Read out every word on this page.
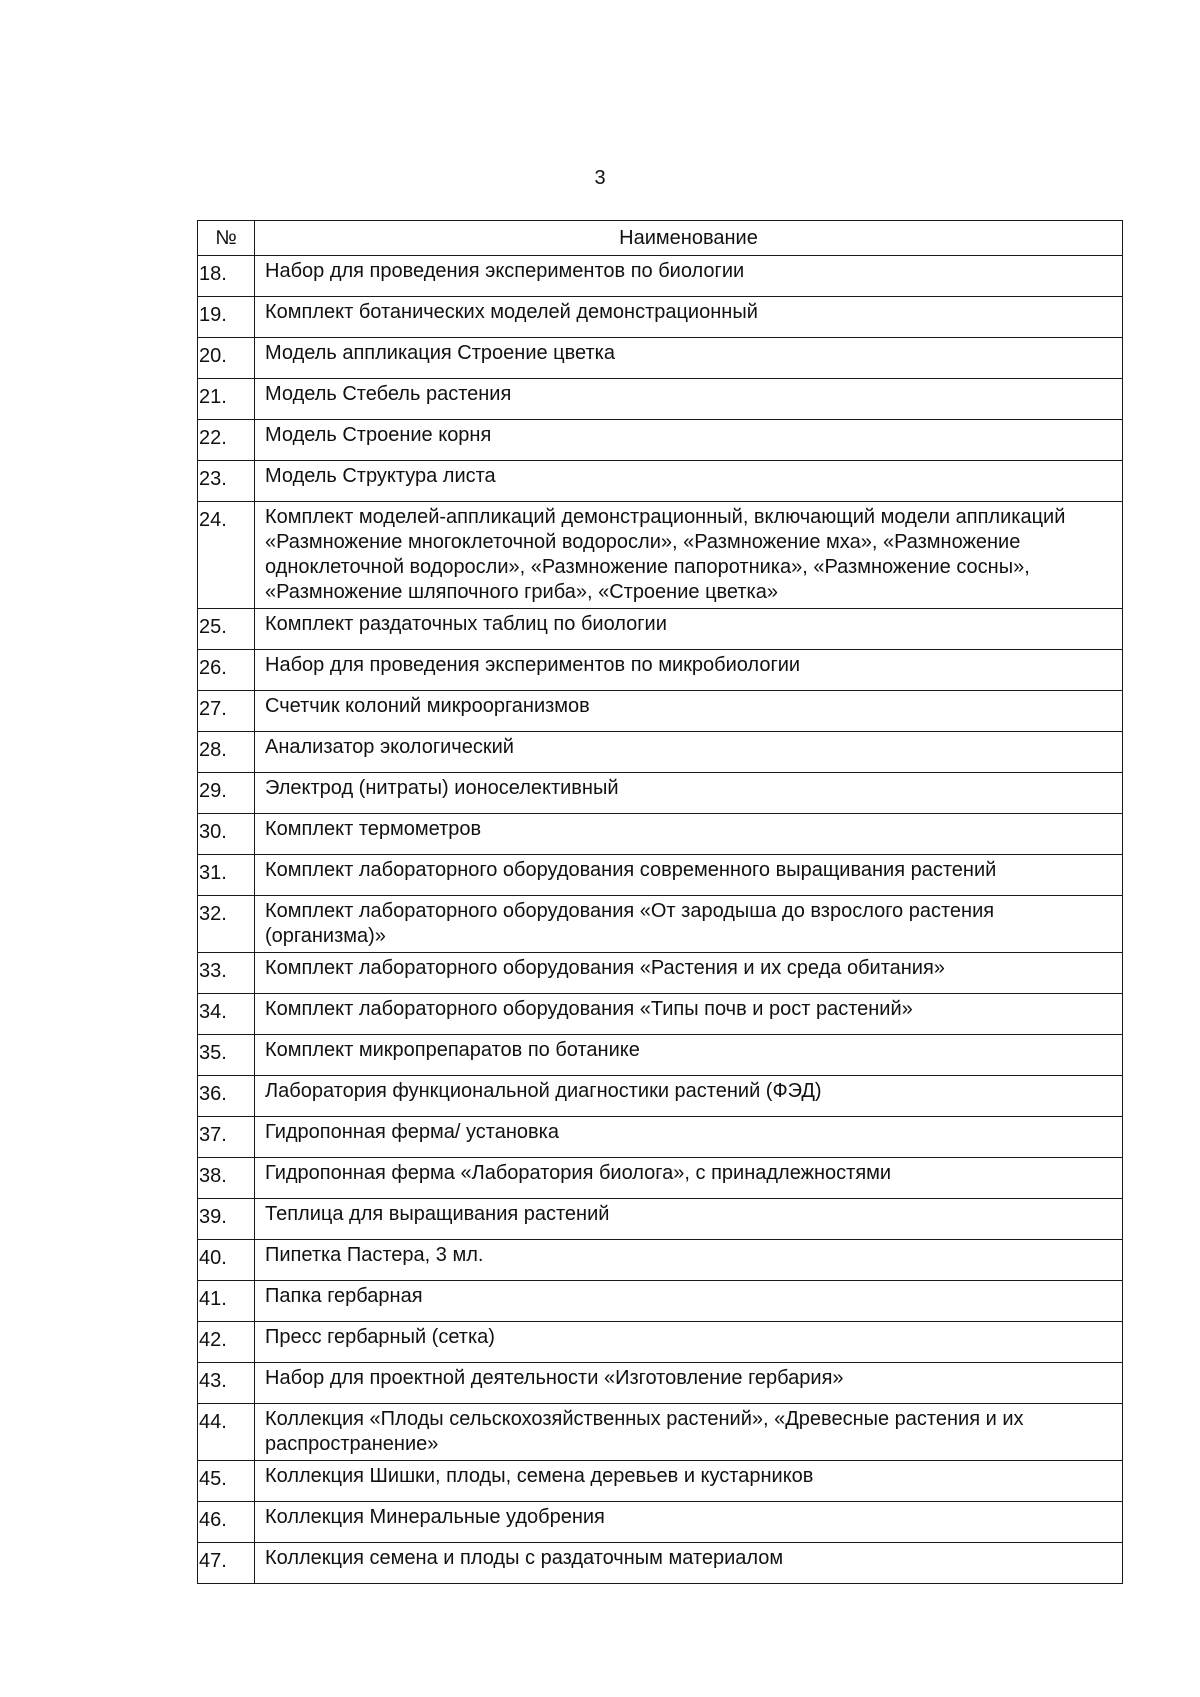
3
№	Наименование
18.	Набор для проведения экспериментов по биологии
19.	Комплект ботанических моделей демонстрационный
20.	Модель аппликация Строение цветка
21.	Модель Стебель растения
22.	Модель Строение корня
23.	Модель Структура листа
24.	Комплект моделей-аппликаций демонстрационный, включающий модели аппликаций «Размножение многоклеточной водоросли», «Размножение мха», «Размножение одноклеточной водоросли», «Размножение папоротника», «Размножение сосны», «Размножение шляпочного гриба», «Строение цветка»
25.	Комплект раздаточных таблиц по биологии
26.	Набор для проведения экспериментов по микробиологии
27.	Счетчик колоний микроорганизмов
28.	Анализатор экологический
29.	Электрод (нитраты) ионоселективный
30.	Комплект термометров
31.	Комплект лабораторного оборудования современного выращивания растений
32.	Комплект лабораторного оборудования «От зародыша до взрослого растения (организма)»
33.	Комплект лабораторного оборудования «Растения и их среда обитания»
34.	Комплект лабораторного оборудования «Типы почв и рост растений»
35.	Комплект микропрепаратов по ботанике
36.	Лаборатория функциональной диагностики растений (ФЭД)
37.	Гидропонная ферма/ установка
38.	Гидропонная ферма «Лаборатория биолога», с принадлежностями
39.	Теплица для выращивания растений
40.	Пипетка Пастера, 3 мл.
41.	Папка гербарная
42.	Пресс гербарный (сетка)
43.	Набор для проектной деятельности «Изготовление гербария»
44.	Коллекция «Плоды сельскохозяйственных растений», «Древесные растения и их распространение»
45.	Коллекция Шишки, плоды, семена деревьев и кустарников
46.	Коллекция Минеральные удобрения
47.	Коллекция семена и плоды с раздаточным материалом
